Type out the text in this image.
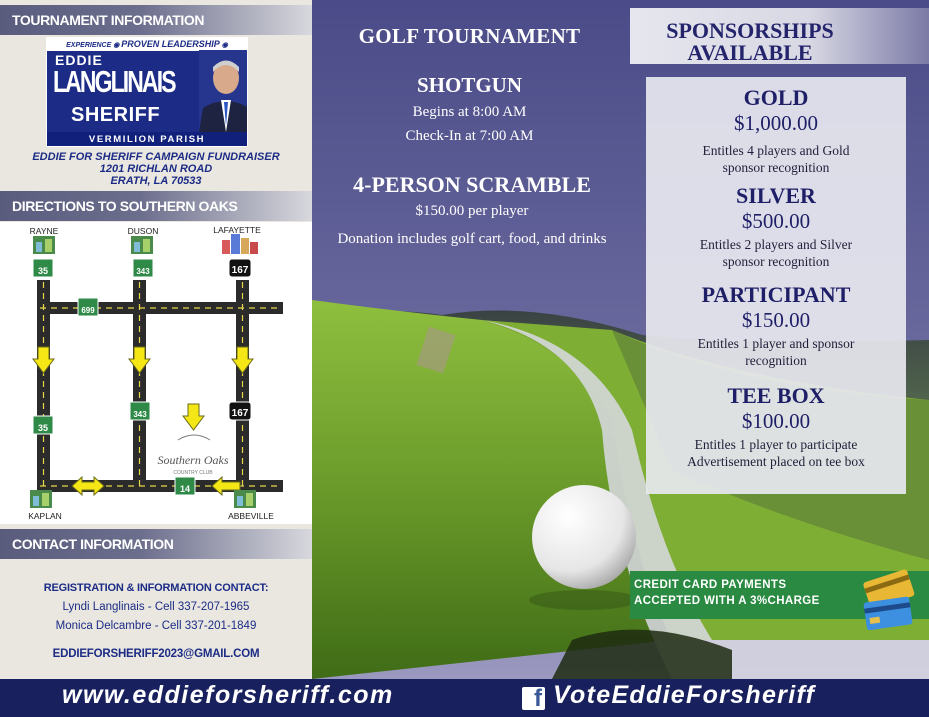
TOURNAMENT INFORMATION
EXPERIENCE ◉ PROVEN LEADERSHIP ◉ INTEGRITY
EDDIE
LANGLINAIS
SHERIFF
VERMILION PARISH
EDDIE FOR SHERIFF CAMPAIGN FUNDRAISER
1201 RICHLAN ROAD
ERATH, LA 70533
DIRECTIONS TO SOUTHERN OAKS
35	343	167
699
35
343	167
14
RAYNE	DUSON	LAFAYETTE
KAPLAN	ABBEVILLE
Southern Oaks
COUNTRY CLUB
CONTACT INFORMATION
REGISTRATION & INFORMATION CONTACT:
Lyndi Langlinais - Cell 337-207-1965
Monica Delcambre - Cell 337-201-1849
EDDIEFORSHERIFF2023@GMAIL.COM
GOLF TOURNAMENT
SHOTGUN
Begins at 8:00 AM
Check-In at 7:00 AM
4-PERSON SCRAMBLE
$150.00 per player
Donation includes golf cart, food, and drinks
SPONSORSHIPS
AVAILABLE
GOLD
$1,000.00
Entitles 4 players and Gold
sponsor recognition
SILVER
$500.00
Entitles 2 players and Silver
sponsor recognition
PARTICIPANT
$150.00
Entitles 1 player and sponsor
recognition
TEE BOX
$100.00
Entitles 1 player to participate
Advertisement placed on tee box
CREDIT CARD PAYMENTS
ACCEPTED WITH A 3%CHARGE
www.eddieforsheriff.com	f VoteEddieForsheriff
